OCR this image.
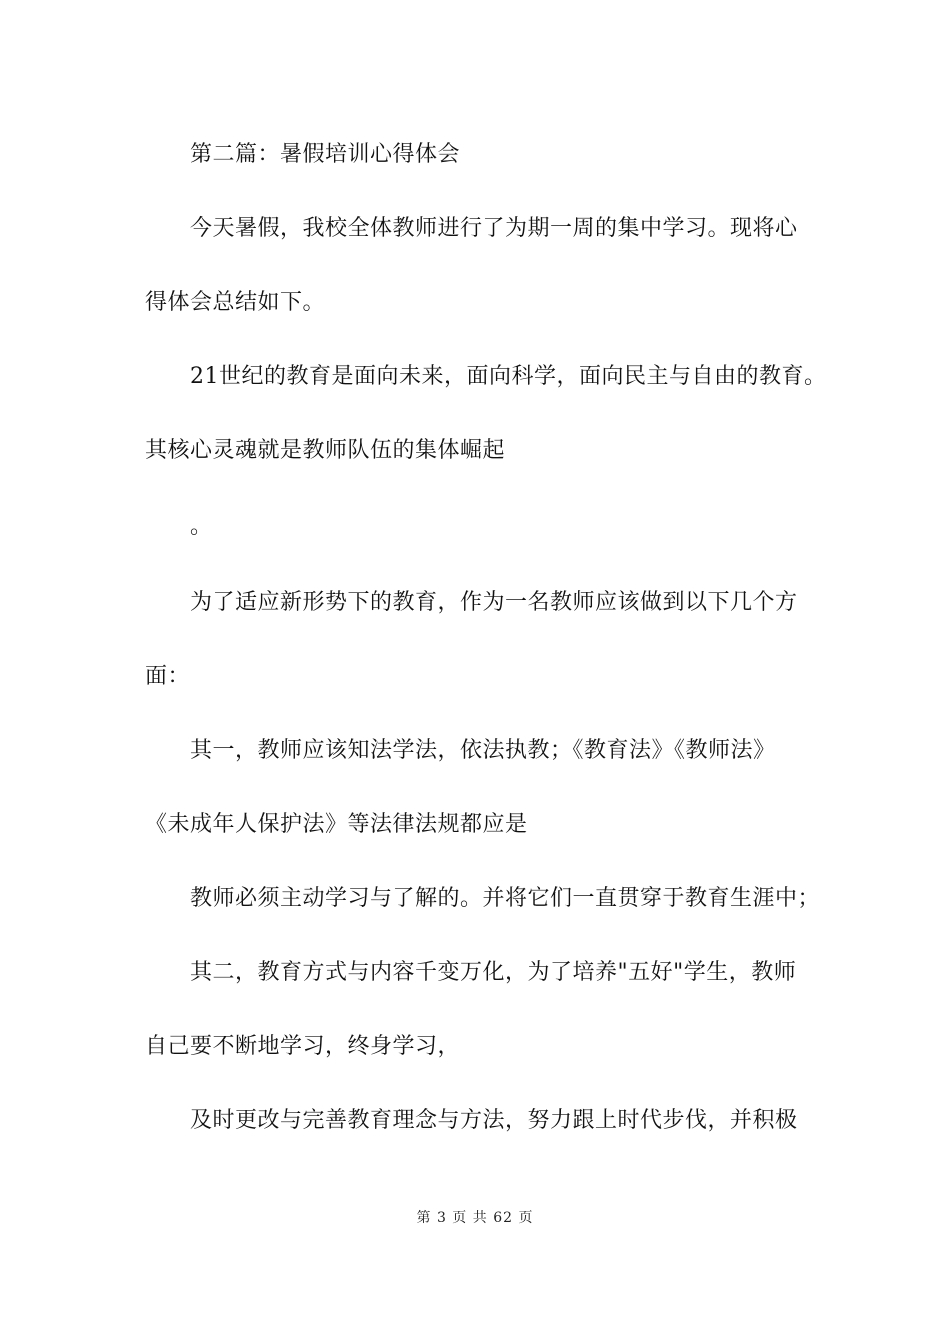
第二篇：暑假培训心得体会
今天暑假，我校全体教师进行了为期一周的集中学习。现将心
得体会总结如下。
21世纪的教育是面向未来，面向科学，面向民主与自由的教育。
其核心灵魂就是教师队伍的集体崛起
。
为了适应新形势下的教育，作为一名教师应该做到以下几个方
面：
其一，教师应该知法学法，依法执教；《教育法》《教师法》
《未成年人保护法》等法律法规都应是
教师必须主动学习与了解的。并将它们一直贯穿于教育生涯中；
其二，教育方式与内容千变万化，为了培养"五好"学生，教师
自己要不断地学习，终身学习，
及时更改与完善教育理念与方法，努力跟上时代步伐，并积极
第 3 页 共 62 页
